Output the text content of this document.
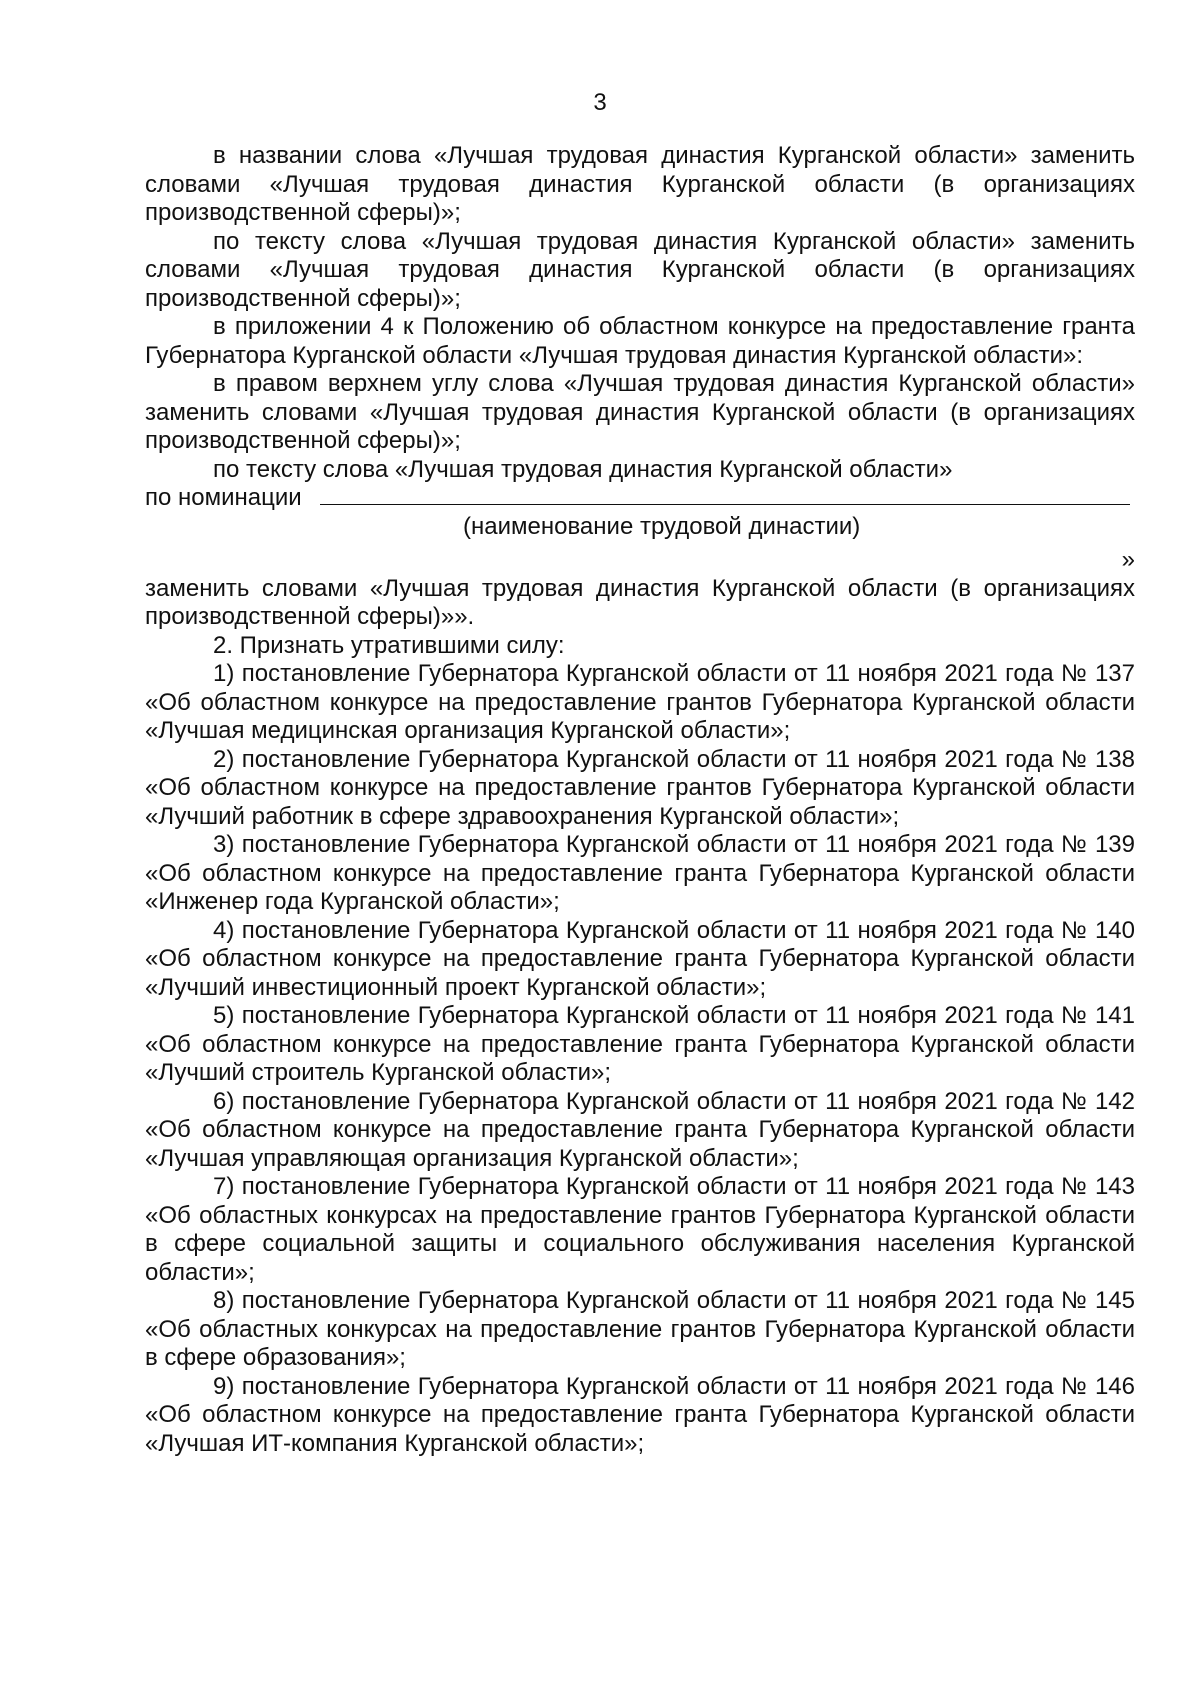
3

в названии слова «Лучшая трудовая династия Курганской области» заменить словами «Лучшая трудовая династия Курганской области (в организациях производственной сферы)»;

по тексту слова «Лучшая трудовая династия Курганской области» заменить словами «Лучшая трудовая династия Курганской области (в организациях производственной сферы)»;

в приложении 4 к Положению об областном конкурсе на предоставление гранта Губернатора Курганской области «Лучшая трудовая династия Курганской области»:

в правом верхнем углу слова «Лучшая трудовая династия Курганской области» заменить словами «Лучшая трудовая династия Курганской области (в организациях производственной сферы)»;

по тексту слова «Лучшая трудовая династия Курганской области»

по номинации

(наименование трудовой династии)

»

заменить словами «Лучшая трудовая династия Курганской области (в организациях производственной сферы)»».

2. Признать утратившими силу:

1) постановление Губернатора Курганской области от 11 ноября 2021 года № 137 «Об областном конкурсе на предоставление грантов Губернатора Курганской области «Лучшая медицинская организация Курганской области»;

2) постановление Губернатора Курганской области от 11 ноября 2021 года № 138 «Об областном конкурсе на предоставление грантов Губернатора Курганской области «Лучший работник в сфере здравоохранения Курганской области»;

3) постановление Губернатора Курганской области от 11 ноября 2021 года № 139 «Об областном конкурсе на предоставление гранта Губернатора Курганской области «Инженер года Курганской области»;

4) постановление Губернатора Курганской области от 11 ноября 2021 года № 140 «Об областном конкурсе на предоставление гранта Губернатора Курганской области «Лучший инвестиционный проект Курганской области»;

5) постановление Губернатора Курганской области от 11 ноября 2021 года № 141 «Об областном конкурсе на предоставление гранта Губернатора Курганской области «Лучший строитель Курганской области»;

6) постановление Губернатора Курганской области от 11 ноября 2021 года № 142 «Об областном конкурсе на предоставление гранта Губернатора Курганской области «Лучшая управляющая организация Курганской области»;

7) постановление Губернатора Курганской области от 11 ноября 2021 года № 143 «Об областных конкурсах на предоставление грантов Губернатора Курганской области в сфере социальной защиты и социального обслуживания населения Курганской области»;

8) постановление Губернатора Курганской области от 11 ноября 2021 года № 145 «Об областных конкурсах на предоставление грантов Губернатора Курганской области в сфере образования»;

9) постановление Губернатора Курганской области от 11 ноября 2021 года № 146 «Об областном конкурсе на предоставление гранта Губернатора Курганской области «Лучшая ИТ-компания Курганской области»;
